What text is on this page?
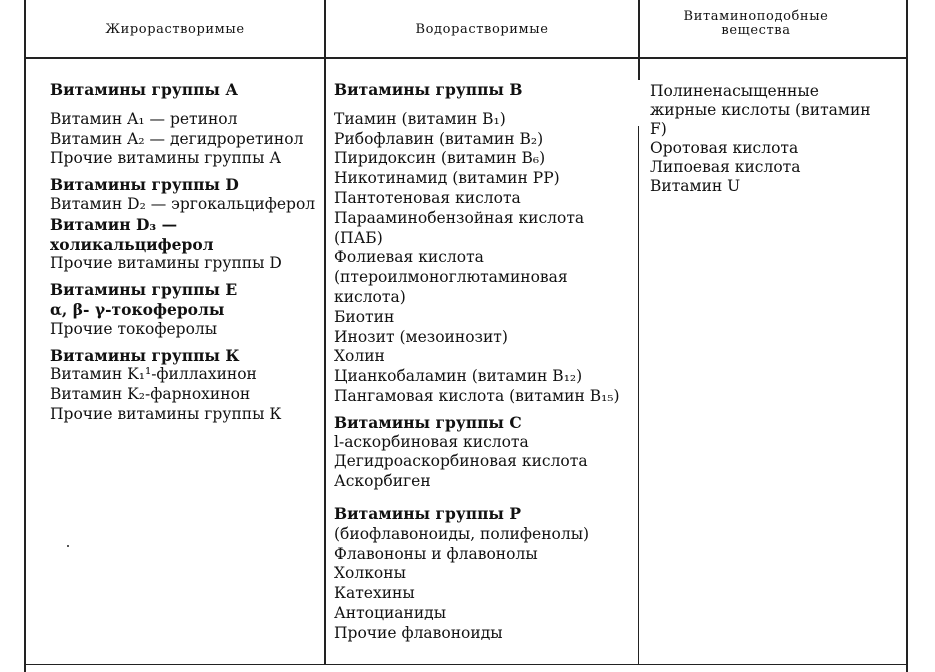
Жирорастворимые	Водорастворимые
Витаминоподобные вещества
Витамины группы А
Витамин A₁ — ретинол
Витамин A₂ — дегидроретинол
Прочие витамины группы А
Витамины группы D
Витамин D₂ — эргокальциферол
Витамин D₃ — холикальциферол
Прочие витамины группы D
Витамины группы Е
α, β- γ-токоферолы
Прочие токоферолы
Витамины группы К
Витамин K₁¹-филлахинон
Витамин K₂-фарнохинон
Прочие витамины группы К
Витамины группы В
Тиамин (витамин B₁)
Рибофлавин (витамин B₂)
Пиридоксин (витамин B₆)
Никотинамид (витамин PP)
Пантотеновая кислота
Парааминобензойная кислота (ПАБ)
Фолиевая кислота (птероилмоноглютаминовая кислота)
Биотин
Инозит (мезоинозит)
Холин
Цианкобаламин (витамин B₁₂)
Пангамовая кислота (витамин B₁₅)
Витамины группы С
l-аскорбиновая кислота
Дегидроаскорбиновая кислота
Аскорбиген
Витамины группы Р (биофлавоноиды, полифенолы)
Флавононы и флавонолы
Холконы
Катехины
Антоцианиды
Прочие флавоноиды
Полиненасыщенные жирные кислоты (витамин F)
Оротовая кислота
Липоевая кислота
Витамин U
